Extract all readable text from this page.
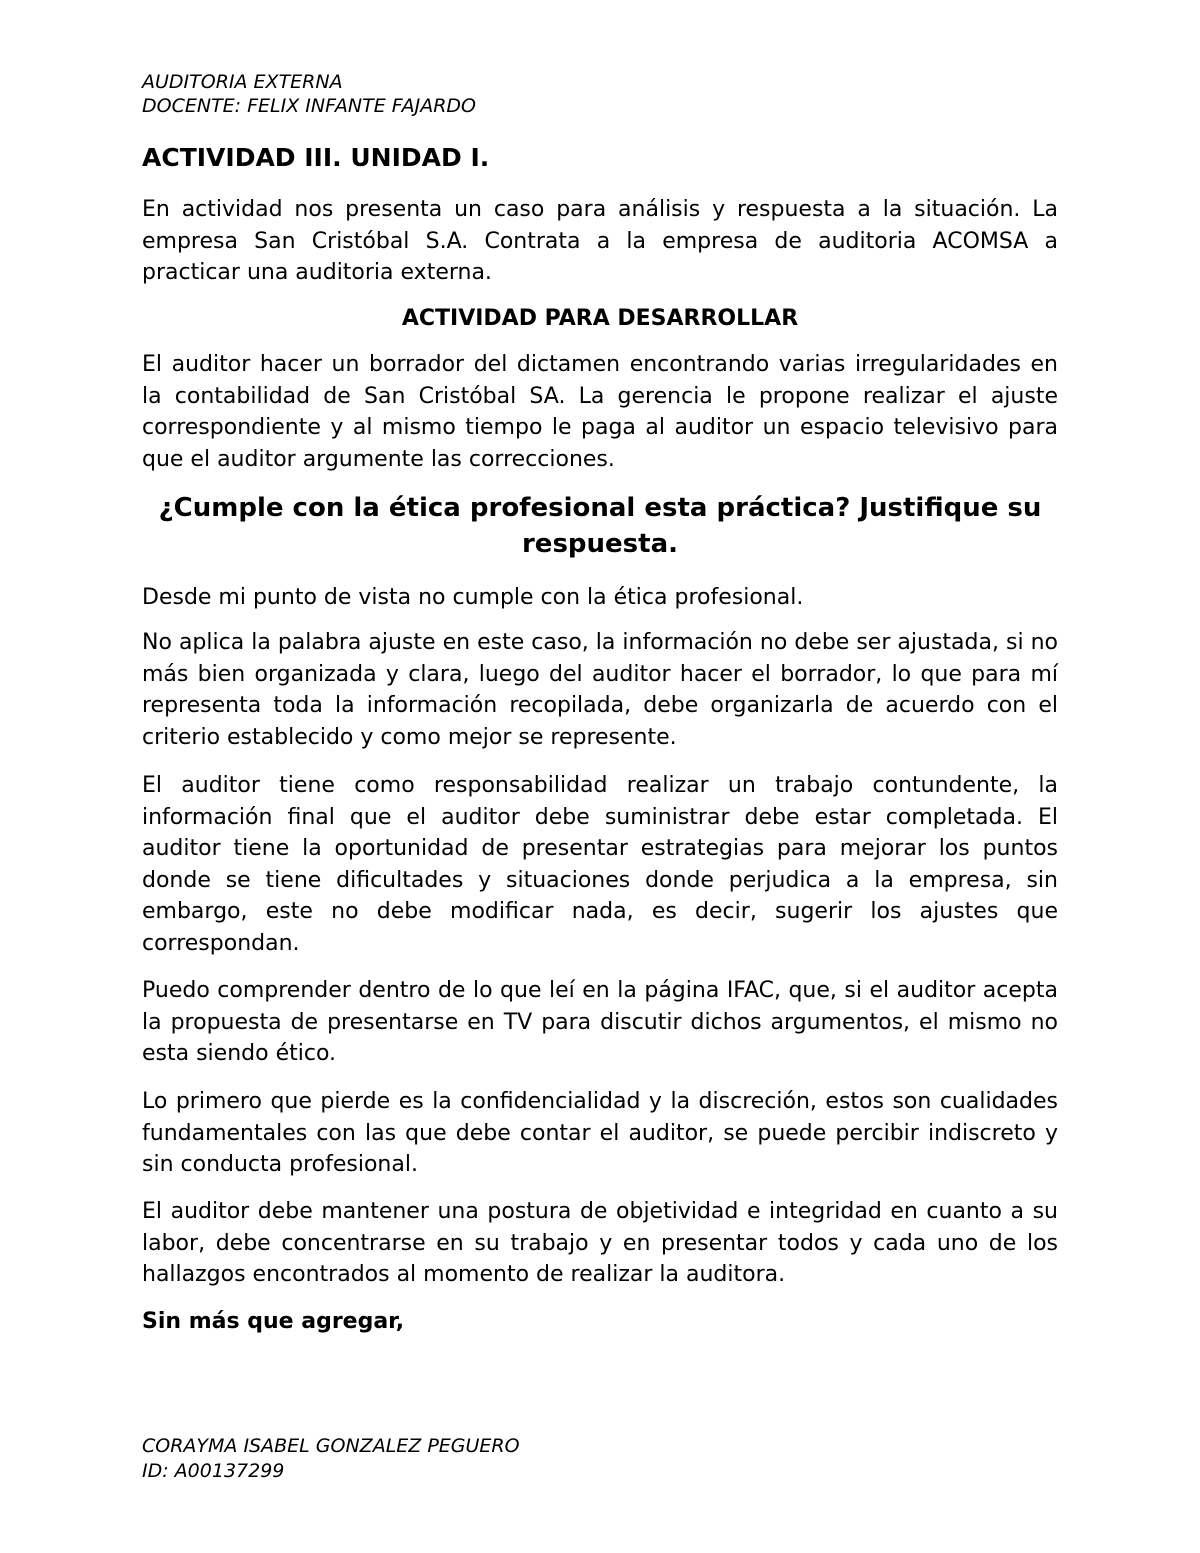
AUDITORIA EXTERNA

DOCENTE: FELIX INFANTE FAJARDO

ACTIVIDAD III. UNIDAD I.

En actividad nos presenta un caso para análisis y respuesta a la situación. La empresa San Cristóbal S.A. Contrata a la empresa de auditoria ACOMSA a practicar una auditoria externa.

ACTIVIDAD PARA DESARROLLAR

El auditor hacer un borrador del dictamen encontrando varias irregularidades en la contabilidad de San Cristóbal SA. La gerencia le propone realizar el ajuste correspondiente y al mismo tiempo le paga al auditor un espacio televisivo para que el auditor argumente las correcciones.

¿Cumple con la ética profesional esta práctica? Justifique su respuesta.

Desde mi punto de vista no cumple con la ética profesional.

No aplica la palabra ajuste en este caso, la información no debe ser ajustada, si no más bien organizada y clara, luego del auditor hacer el borrador, lo que para mí representa toda la información recopilada, debe organizarla de acuerdo con el criterio establecido y como mejor se represente.

El auditor tiene como responsabilidad realizar un trabajo contundente, la información final que el auditor debe suministrar debe estar completada. El auditor tiene la oportunidad de presentar estrategias para mejorar los puntos donde se tiene dificultades y situaciones donde perjudica a la empresa, sin embargo, este no debe modificar nada, es decir, sugerir los ajustes que correspondan.

Puedo comprender dentro de lo que leí en la página IFAC, que, si el auditor acepta la propuesta de presentarse en TV para discutir dichos argumentos, el mismo no esta siendo ético.

Lo primero que pierde es la confidencialidad y la discreción, estos son cualidades fundamentales con las que debe contar el auditor, se puede percibir indiscreto y sin conducta profesional.

El auditor debe mantener una postura de objetividad e integridad en cuanto a su labor, debe concentrarse en su trabajo y en presentar todos y cada uno de los hallazgos encontrados al momento de realizar la auditora.

Sin más que agregar,

CORAYMA ISABEL GONZALEZ PEGUERO

ID: A00137299
